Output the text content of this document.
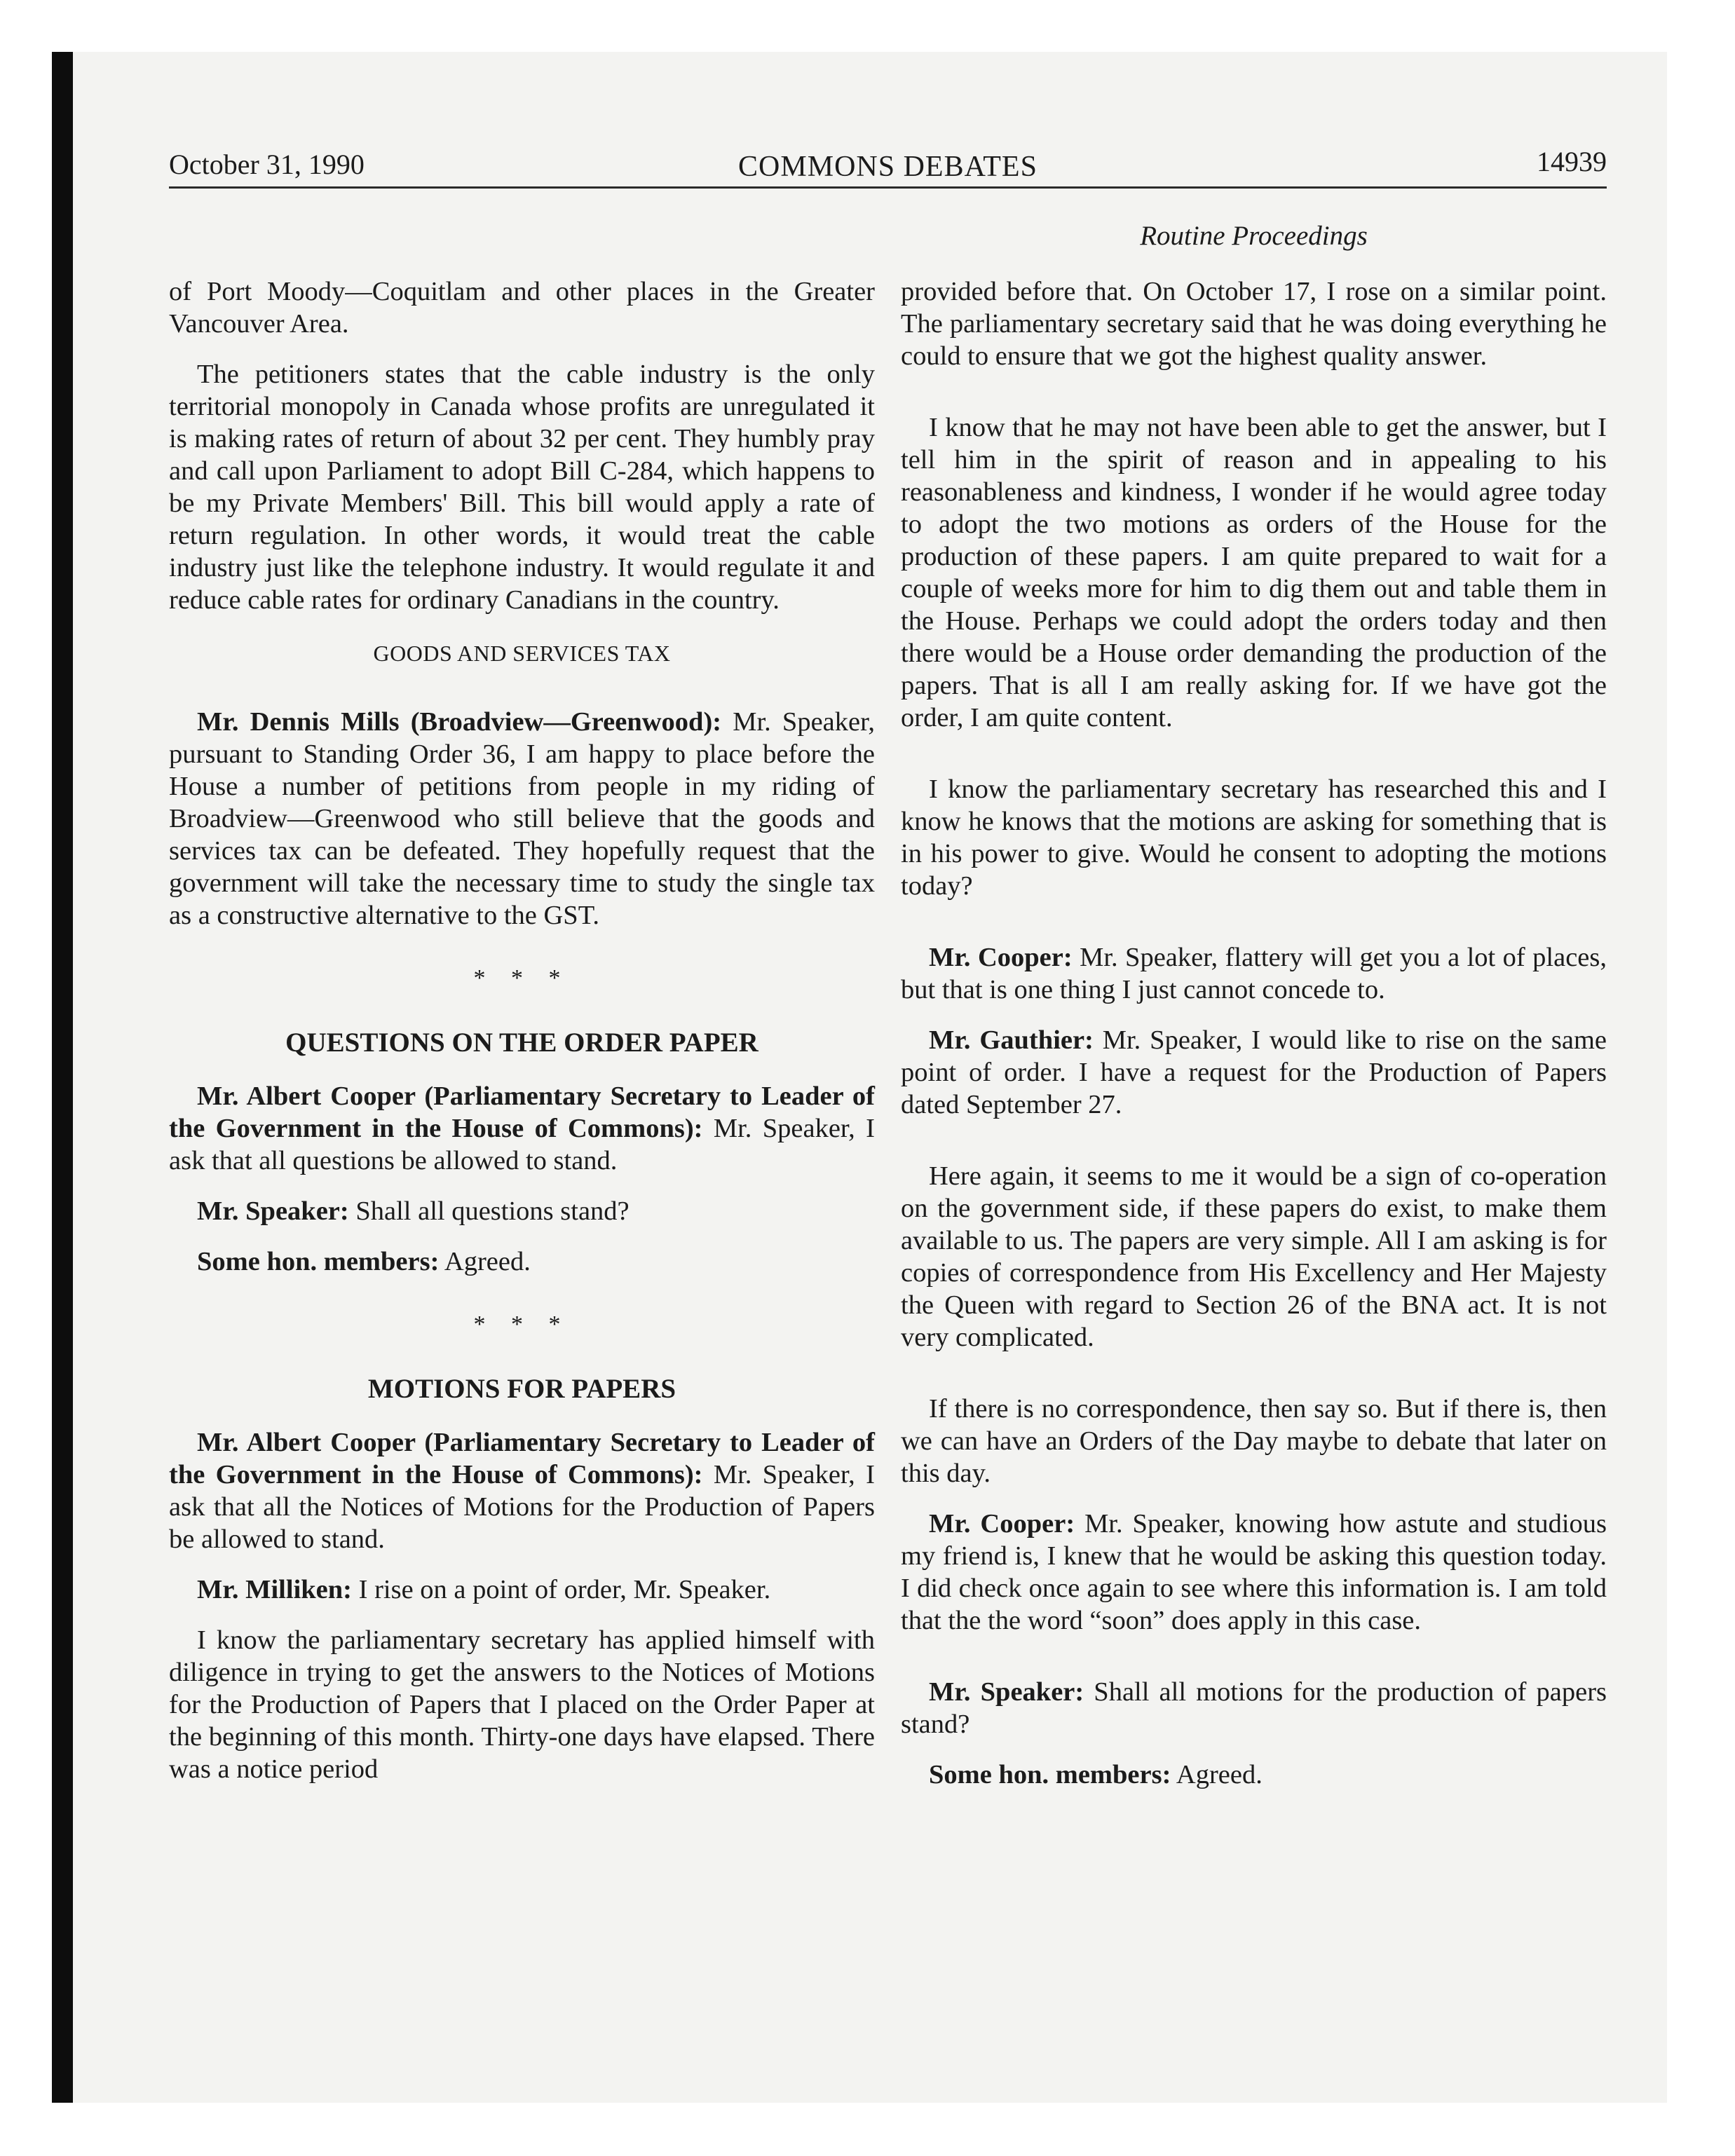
October 31, 1990	COMMONS DEBATES	14939
Routine Proceedings

of Port Moody—Coquitlam and other places in the Greater Vancouver Area.

The petitioners states that the cable industry is the only territorial monopoly in Canada whose profits are unregulated it is making rates of return of about 32 per cent. They humbly pray and call upon Parliament to adopt Bill C-284, which happens to be my Private Members' Bill. This bill would apply a rate of return regulation. In other words, it would treat the cable industry just like the telephone industry. It would regulate it and reduce cable rates for ordinary Canadians in the country.

GOODS AND SERVICES TAX

Mr. Dennis Mills (Broadview—Greenwood): Mr. Speaker, pursuant to Standing Order 36, I am happy to place before the House a number of petitions from people in my riding of Broadview—Greenwood who still believe that the goods and services tax can be defeated. They hopefully request that the government will take the necessary time to study the single tax as a constructive alternative to the GST.

* * *
QUESTIONS ON THE ORDER PAPER

Mr. Albert Cooper (Parliamentary Secretary to Leader of the Government in the House of Commons): Mr. Speaker, I ask that all questions be allowed to stand.

Mr. Speaker: Shall all questions stand?

Some hon. members: Agreed.

* * *
MOTIONS FOR PAPERS

Mr. Albert Cooper (Parliamentary Secretary to Leader of the Government in the House of Commons): Mr. Speaker, I ask that all the Notices of Motions for the Production of Papers be allowed to stand.

Mr. Milliken: I rise on a point of order, Mr. Speaker.

I know the parliamentary secretary has applied himself with diligence in trying to get the answers to the Notices of Motions for the Production of Papers that I placed on the Order Paper at the beginning of this month. Thirty-one days have elapsed. There was a notice period

provided before that. On October 17, I rose on a similar point. The parliamentary secretary said that he was doing everything he could to ensure that we got the highest quality answer.

I know that he may not have been able to get the answer, but I tell him in the spirit of reason and in appealing to his reasonableness and kindness, I wonder if he would agree today to adopt the two motions as orders of the House for the production of these papers. I am quite prepared to wait for a couple of weeks more for him to dig them out and table them in the House. Perhaps we could adopt the orders today and then there would be a House order demanding the production of the papers. That is all I am really asking for. If we have got the order, I am quite content.

I know the parliamentary secretary has researched this and I know he knows that the motions are asking for something that is in his power to give. Would he consent to adopting the motions today?

Mr. Cooper: Mr. Speaker, flattery will get you a lot of places, but that is one thing I just cannot concede to.

Mr. Gauthier: Mr. Speaker, I would like to rise on the same point of order. I have a request for the Production of Papers dated September 27.

Here again, it seems to me it would be a sign of co-operation on the government side, if these papers do exist, to make them available to us. The papers are very simple. All I am asking is for copies of correspondence from His Excellency and Her Majesty the Queen with regard to Section 26 of the BNA act. It is not very complicated.

If there is no correspondence, then say so. But if there is, then we can have an Orders of the Day maybe to debate that later on this day.

Mr. Cooper: Mr. Speaker, knowing how astute and studious my friend is, I knew that he would be asking this question today. I did check once again to see where this information is. I am told that the the word “soon” does apply in this case.

Mr. Speaker: Shall all motions for the production of papers stand?

Some hon. members: Agreed.
